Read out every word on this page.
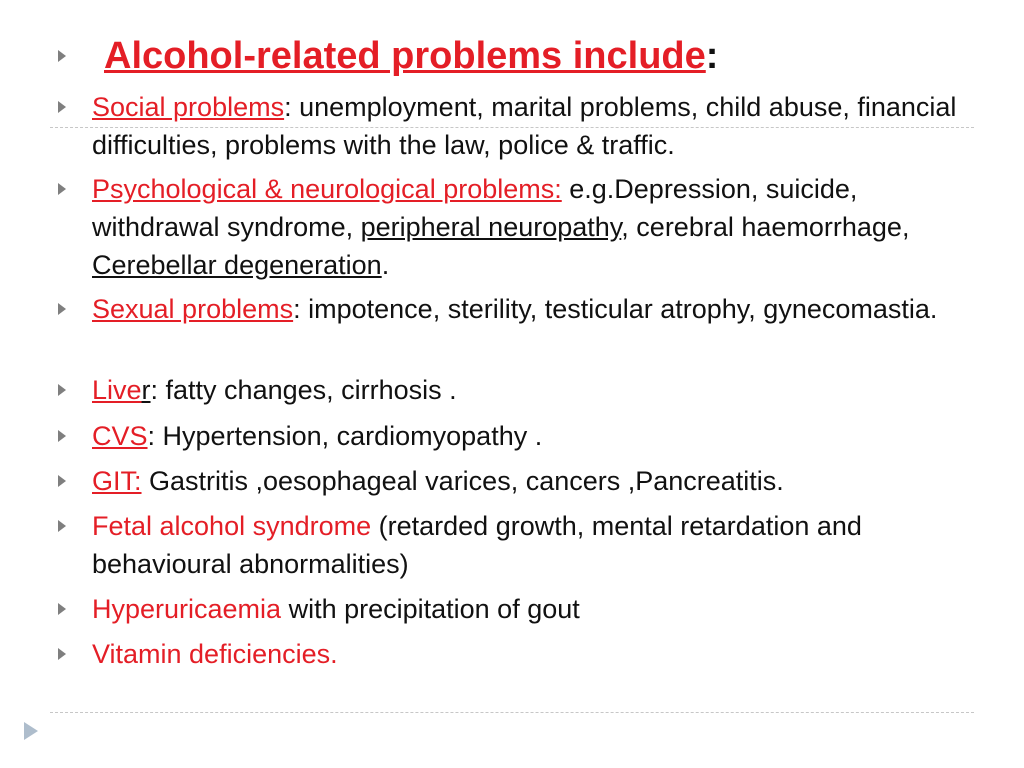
Alcohol-related problems include:
Social problems: unemployment, marital problems, child abuse, financial difficulties, problems with the law, police & traffic.
Psychological & neurological problems: e.g.Depression, suicide, withdrawal syndrome, peripheral neuropathy, cerebral haemorrhage, Cerebellar degeneration.
Sexual problems: impotence, sterility, testicular atrophy, gynecomastia.
Liver: fatty changes, cirrhosis .
CVS: Hypertension, cardiomyopathy .
GIT: Gastritis ,oesophageal varices, cancers ,Pancreatitis.
Fetal alcohol syndrome (retarded growth, mental retardation and behavioural abnormalities)
Hyperuricaemia with precipitation of gout
Vitamin deficiencies.
